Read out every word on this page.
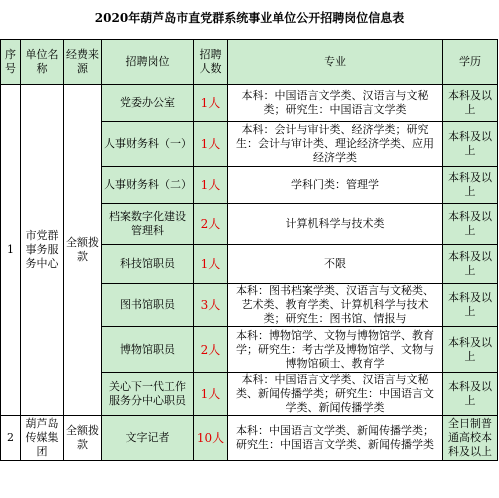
2020年葫芦岛市直党群系统事业单位公开招聘岗位信息表
序号	单位名称	经费来源	招聘岗位	招聘人数	专业	学历
1	市党群事务服务中心	全额拨款	党委办公室	1人	本科：中国语言文学类、汉语言与文秘类；研究生：中国语言文学类	本科及以上
			人事财务科（一）	1人	本科：会计与审计类、经济学类；研究生：会计与审计类、理论经济学类、应用经济学类	本科及以上
			人事财务科（二）	1人	学科门类：管理学	本科及以上
			档案数字化建设管理科	2人	计算机科学与技术类	本科及以上
			科技馆职员	1人	不限	本科及以上
			图书馆职员	3人	本科：图书档案学类、汉语言与文秘类、艺术类、教育学类、计算机科学与技术类；研究生：图书馆、情报与	本科及以上
			博物馆职员	2人	本科：博物馆学、文物与博物馆学、教育学；研究生：考古学及博物馆学、文物与博物馆硕士、教育学	本科及以上
			关心下一代工作服务分中心职员	1人	本科：中国语言文学类、汉语言与文秘类、新闻传播学类；研究生：中国语言文学类、新闻传播学类	本科及以上
2	葫芦岛传媒集团	全额拨款	文字记者	10人	本科：中国语言文学类、新闻传播学类；研究生：中国语言文学类、新闻传播学类	全日制普通高校本科及以上
